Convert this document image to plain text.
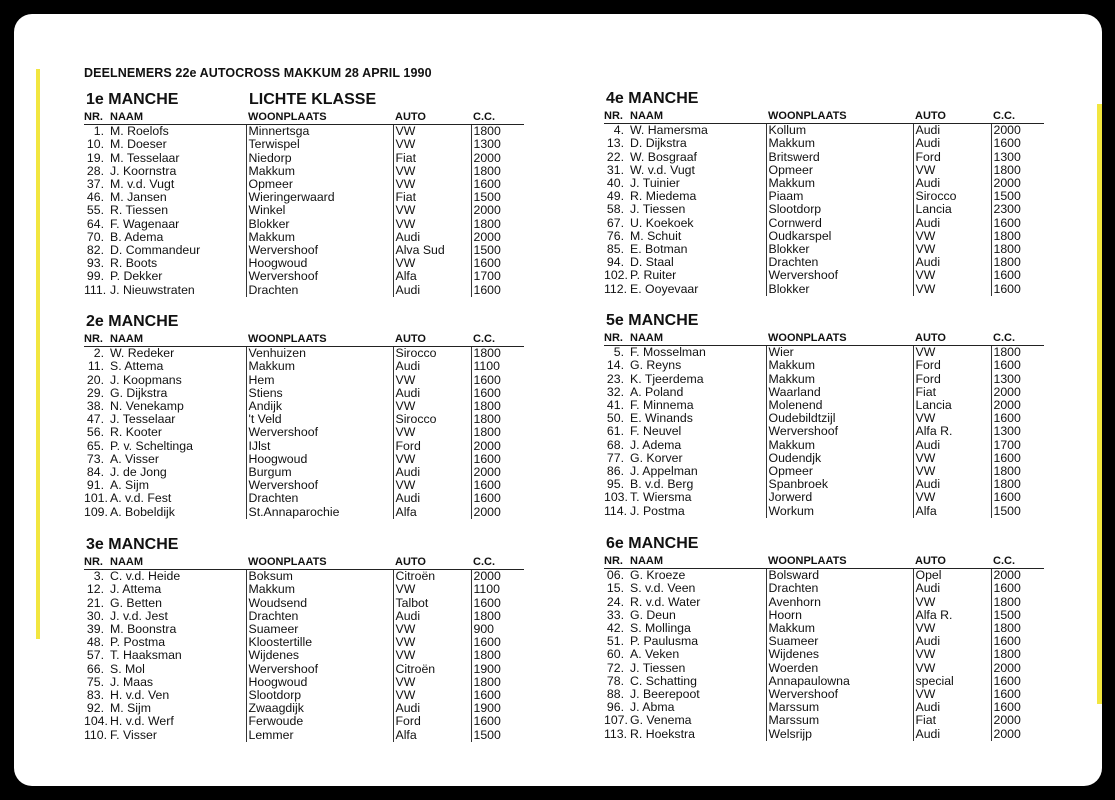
DEELNEMERS 22e AUTOCROSS MAKKUM 28 APRIL 1990
1e MANCHE	LICHTE KLASSE
NR.	NAAM	WOONPLAATS	AUTO	C.C.
1.	M. Roelofs	Minnertsga	VW	1800
10.	M. Doeser	Terwispel	VW	1300
19.	M. Tesselaar	Niedorp	Fiat	2000
28.	J. Koornstra	Makkum	VW	1800
37.	M. v.d. Vugt	Opmeer	VW	1600
46.	M. Jansen	Wieringerwaard	Fiat	1500
55.	R. Tiessen	Winkel	VW	2000
64.	F. Wagenaar	Blokker	VW	1800
70.	B. Adema	Makkum	Audi	2000
82.	D. Commandeur	Wervershoof	Alva Sud	1500
93.	R. Boots	Hoogwoud	VW	1600
99.	P. Dekker	Wervershoof	Alfa	1700
111.	J. Nieuwstraten	Drachten	Audi	1600
2e MANCHE
NR.	NAAM	WOONPLAATS	AUTO	C.C.
2.	W. Redeker	Venhuizen	Sirocco	1800
11.	S. Attema	Makkum	Audi	1100
20.	J. Koopmans	Hem	VW	1600
29.	G. Dijkstra	Stiens	Audi	1600
38.	N. Venekamp	Andijk	VW	1800
47.	J. Tesselaar	't Veld	Sirocco	1800
56.	R. Kooter	Wervershoof	VW	1800
65.	P. v. Scheltinga	IJlst	Ford	2000
73.	A. Visser	Hoogwoud	VW	1600
84.	J. de Jong	Burgum	Audi	2000
91.	A. Sijm	Wervershoof	VW	1600
101.	A. v.d. Fest	Drachten	Audi	1600
109.	A. Bobeldijk	St.Annaparochie	Alfa	2000
3e MANCHE
NR.	NAAM	WOONPLAATS	AUTO	C.C.
3.	C. v.d. Heide	Boksum	Citroën	2000
12.	J. Attema	Makkum	VW	1100
21.	G. Betten	Woudsend	Talbot	1600
30.	J. v.d. Jest	Drachten	Audi	1800
39.	M. Boonstra	Suameer	VW	900
48.	P. Postma	Kloostertille	VW	1600
57.	T. Haaksman	Wijdenes	VW	1800
66.	S. Mol	Wervershoof	Citroën	1900
75.	J. Maas	Hoogwoud	VW	1800
83.	H. v.d. Ven	Slootdorp	VW	1600
92.	M. Sijm	Zwaagdijk	Audi	1900
104.	H. v.d. Werf	Ferwoude	Ford	1600
110.	F. Visser	Lemmer	Alfa	1500
4e MANCHE
NR.	NAAM	WOONPLAATS	AUTO	C.C.
4.	W. Hamersma	Kollum	Audi	2000
13.	D. Dijkstra	Makkum	Audi	1600
22.	W. Bosgraaf	Britswerd	Ford	1300
31.	W. v.d. Vugt	Opmeer	VW	1800
40.	J. Tuinier	Makkum	Audi	2000
49.	R. Miedema	Piaam	Sirocco	1500
58.	J. Tiessen	Slootdorp	Lancia	2300
67.	U. Koekoek	Cornwerd	Audi	1600
76.	M. Schuit	Oudkarspel	VW	1800
85.	E. Botman	Blokker	VW	1800
94.	D. Staal	Drachten	Audi	1800
102.	P. Ruiter	Wervershoof	VW	1600
112.	E. Ooyevaar	Blokker	VW	1600
5e MANCHE
NR.	NAAM	WOONPLAATS	AUTO	C.C.
5.	F. Mosselman	Wier	VW	1800
14.	G. Reyns	Makkum	Ford	1600
23.	K. Tjeerdema	Makkum	Ford	1300
32.	A. Poland	Waarland	Fiat	2000
41.	F. Minnema	Molenend	Lancia	2000
50.	E. Winands	Oudebildtzijl	VW	1600
61.	F. Neuvel	Wervershoof	Alfa R.	1300
68.	J. Adema	Makkum	Audi	1700
77.	G. Korver	Oudendjk	VW	1600
86.	J. Appelman	Opmeer	VW	1800
95.	B. v.d. Berg	Spanbroek	Audi	1800
103.	T. Wiersma	Jorwerd	VW	1600
114.	J. Postma	Workum	Alfa	1500
6e MANCHE
NR.	NAAM	WOONPLAATS	AUTO	C.C.
06.	G. Kroeze	Bolsward	Opel	2000
15.	S. v.d. Veen	Drachten	Audi	1600
24.	R. v.d. Water	Avenhorn	VW	1800
33.	G. Deun	Hoorn	Alfa R.	1500
42.	S. Mollinga	Makkum	VW	1800
51.	P. Paulusma	Suameer	Audi	1600
60.	A. Veken	Wijdenes	VW	1800
72.	J. Tiessen	Woerden	VW	2000
78.	C. Schatting	Annapaulowna	special	1600
88.	J. Beerepoot	Wervershoof	VW	1600
96.	J. Abma	Marssum	Audi	1600
107.	G. Venema	Marssum	Fiat	2000
113.	R. Hoekstra	Welsrijp	Audi	2000
